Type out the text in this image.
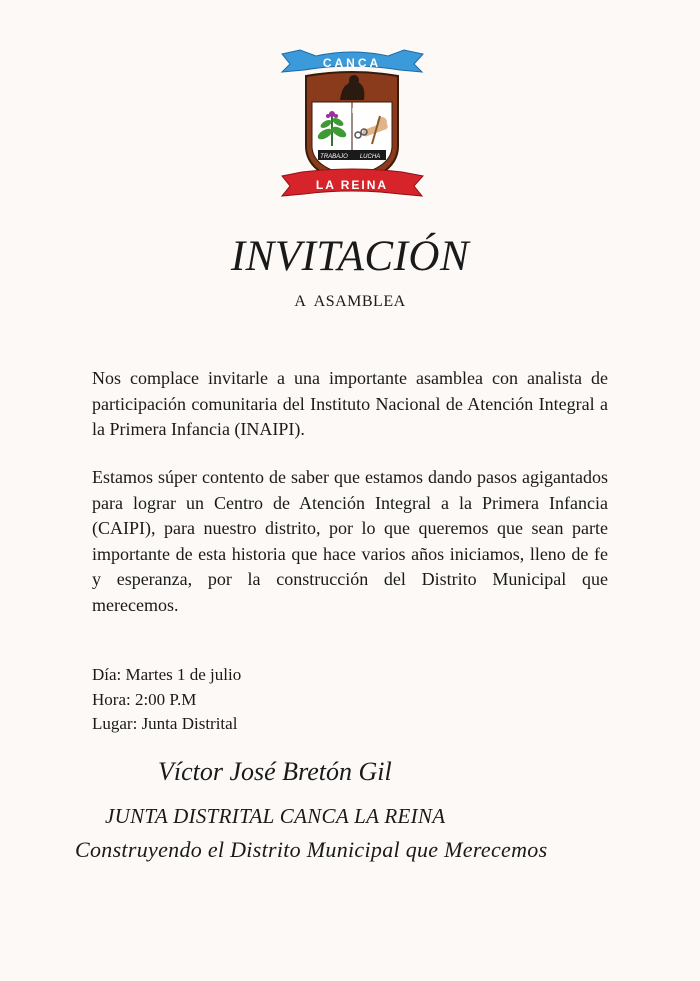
CANCA
FE
TRABAJO LUCHA
LA REINA
INVITACIÓN
A  ASAMBLEA

Nos complace invitarle a una importante asamblea con analista de participación comunitaria del Instituto Nacional de Atención Integral a la Primera Infancia (INAIPI).

Estamos súper contento de saber que estamos dando pasos agigantados para lograr un Centro de Atención Integral a la Primera Infancia (CAIPI), para nuestro distrito, por lo que queremos que sean parte importante de esta historia que hace varios años iniciamos, lleno de fe y esperanza, por la construcción del Distrito Municipal que merecemos.

Día: Martes 1 de julio
Hora: 2:00 P.M
Lugar: Junta Distrital
Víctor José Bretón Gil
JUNTA DISTRITAL CANCA LA REINA
Construyendo el Distrito Municipal que Merecemos
